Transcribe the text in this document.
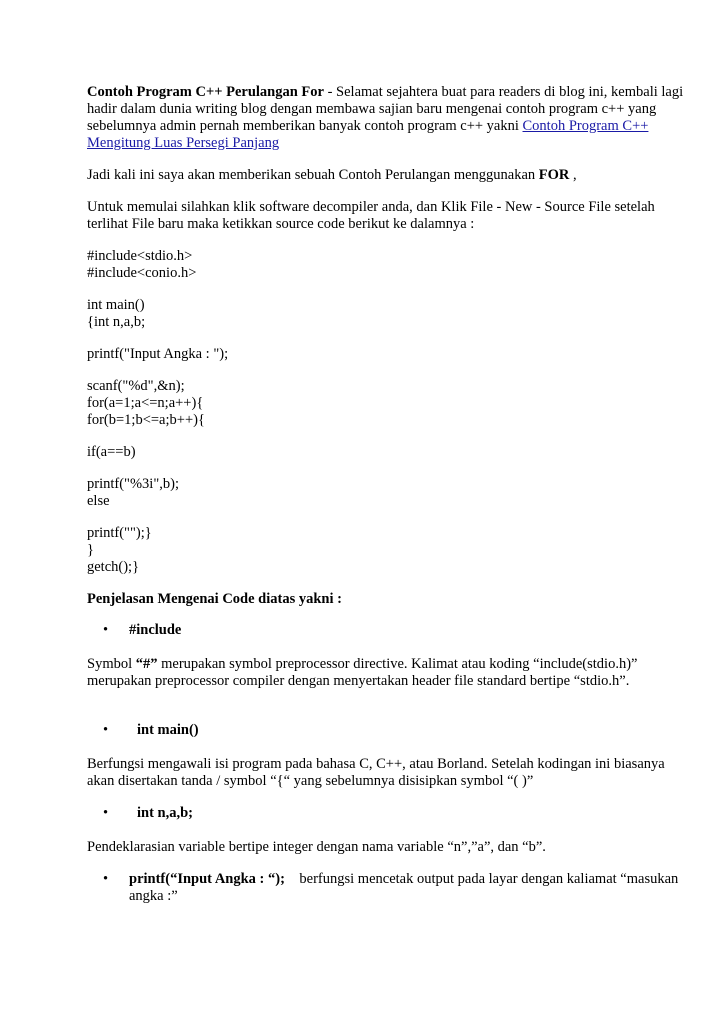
Contoh Program C++ Perulangan For - Selamat sejahtera buat para readers di blog ini, kembali lagi hadir dalam dunia writing blog dengan membawa sajian baru mengenai contoh program c++ yang sebelumnya admin pernah memberikan banyak contoh program c++ yakni Contoh Program C++ Mengitung Luas Persegi Panjang

Jadi kali ini saya akan memberikan sebuah Contoh Perulangan menggunakan FOR ,

Untuk memulai silahkan klik software decompiler anda, dan Klik File - New - Source File setelah terlihat File baru maka ketikkan source code berikut ke dalamnya :

#include<stdio.h>
#include<conio.h>
int main()
{int n,a,b;
printf("Input Angka : ");
scanf("%d",&n);
for(a=1;a<=n;a++){
for(b=1;b<=a;b++){
if(a==b)
printf("%3i",b);
else
printf("");}
}
getch();}

Penjelasan Mengenai Code diatas yakni :

• #include

Symbol “#” merupakan symbol preprocessor directive. Kalimat atau koding “include(stdio.h)” merupakan preprocessor compiler dengan menyertakan header file standard bertipe “stdio.h”.

• int main()

Berfungsi mengawali isi program pada bahasa C, C++, atau Borland. Setelah kodingan ini biasanya akan disertakan tanda / symbol “{“ yang sebelumnya disisipkan symbol “( )”

• int n,a,b;

Pendeklarasian variable bertipe integer dengan nama variable “n”,”a”, dan “b”.

• printf(“Input Angka : “);    berfungsi mencetak output pada layar dengan kaliamat “masukan angka :”
